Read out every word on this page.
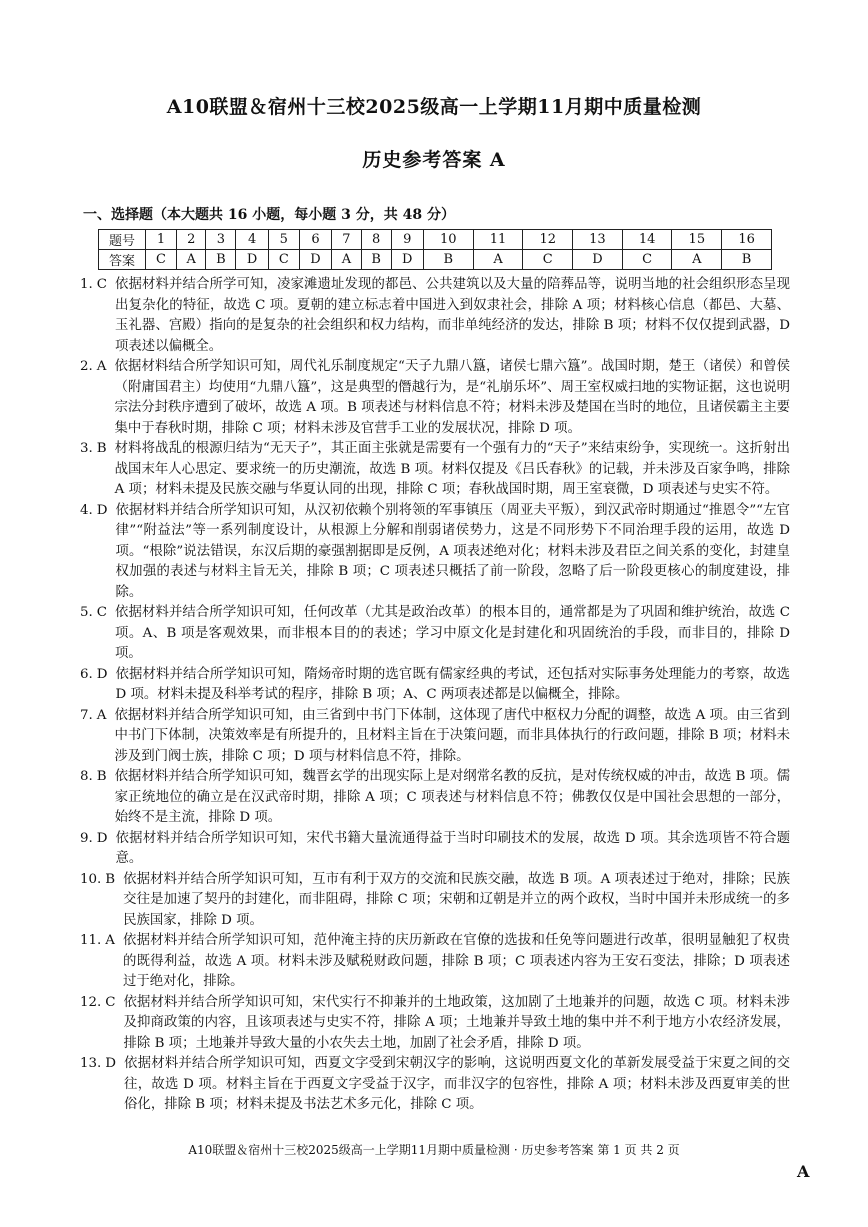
A10联盟＆宿州十三校2025级高一上学期11月期中质量检测
历史参考答案 A
一、选择题（本大题共 16 小题，每小题 3 分，共 48 分）
题号	1	2	3	4	5	6	7	8	9	10	11	12	13	14	15	16
答案	C	A	B	D	C	D	A	B	D	B	A	C	D	C	A	B
1. C 依据材料并结合所学可知，凌家滩遗址发现的都邑、公共建筑以及大量的陪葬品等，说明当地的社会组织形态呈现出复杂化的特征，故选 C 项。夏朝的建立标志着中国进入到奴隶社会，排除 A 项；材料核心信息（都邑、大墓、玉礼器、宫殿）指向的是复杂的社会组织和权力结构，而非单纯经济的发达，排除 B 项；材料不仅仅提到武器，D 项表述以偏概全。
2. A 依据材料结合所学知识可知，周代礼乐制度规定“天子九鼎八簋，诸侯七鼎六簋”。战国时期，楚王（诸侯）和曾侯（附庸国君主）均使用“九鼎八簋”，这是典型的僭越行为，是“礼崩乐坏”、周王室权威扫地的实物证据，这也说明宗法分封秩序遭到了破坏，故选 A 项。B 项表述与材料信息不符；材料未涉及楚国在当时的地位，且诸侯霸主主要集中于春秋时期，排除 C 项；材料未涉及官营手工业的发展状况，排除 D 项。
3. B 材料将战乱的根源归结为“无天子”，其正面主张就是需要有一个强有力的“天子”来结束纷争，实现统一。这折射出战国末年人心思定、要求统一的历史潮流，故选 B 项。材料仅提及《吕氏春秋》的记载，并未涉及百家争鸣，排除 A 项；材料未提及民族交融与华夏认同的出现，排除 C 项；春秋战国时期，周王室衰微，D 项表述与史实不符。
4. D 依据材料并结合所学知识可知，从汉初依赖个别将领的军事镇压（周亚夫平叛），到汉武帝时期通过“推恩令”“左官律”“附益法”等一系列制度设计，从根源上分解和削弱诸侯势力，这是不同形势下不同治理手段的运用，故选 D 项。“根除”说法错误，东汉后期的豪强割据即是反例，A 项表述绝对化；材料未涉及君臣之间关系的变化，封建皇权加强的表述与材料主旨无关，排除 B 项；C 项表述只概括了前一阶段，忽略了后一阶段更核心的制度建设，排除。
5. C 依据材料并结合所学知识可知，任何改革（尤其是政治改革）的根本目的，通常都是为了巩固和维护统治，故选 C 项。A、B 项是客观效果，而非根本目的的表述；学习中原文化是封建化和巩固统治的手段，而非目的，排除 D 项。
6. D 依据材料并结合所学知识可知，隋炀帝时期的选官既有儒家经典的考试，还包括对实际事务处理能力的考察，故选 D 项。材料未提及科举考试的程序，排除 B 项；A、C 两项表述都是以偏概全，排除。
7. A 依据材料并结合所学知识可知，由三省到中书门下体制，这体现了唐代中枢权力分配的调整，故选 A 项。由三省到中书门下体制，决策效率是有所提升的，且材料主旨在于决策问题，而非具体执行的行政问题，排除 B 项；材料未涉及到门阀士族，排除 C 项；D 项与材料信息不符，排除。
8. B 依据材料并结合所学知识可知，魏晋玄学的出现实际上是对纲常名教的反抗，是对传统权威的冲击，故选 B 项。儒家正统地位的确立是在汉武帝时期，排除 A 项；C 项表述与材料信息不符；佛教仅仅是中国社会思想的一部分，始终不是主流，排除 D 项。
9. D 依据材料并结合所学知识可知，宋代书籍大量流通得益于当时印刷技术的发展，故选 D 项。其余选项皆不符合题意。
10. B 依据材料并结合所学知识可知，互市有利于双方的交流和民族交融，故选 B 项。A 项表述过于绝对，排除；民族交往是加速了契丹的封建化，而非阻碍，排除 C 项；宋朝和辽朝是并立的两个政权，当时中国并未形成统一的多民族国家，排除 D 项。
11. A 依据材料并结合所学知识可知，范仲淹主持的庆历新政在官僚的选拔和任免等问题进行改革，很明显触犯了权贵的既得利益，故选 A 项。材料未涉及赋税财政问题，排除 B 项；C 项表述内容为王安石变法，排除；D 项表述过于绝对化，排除。
12. C 依据材料并结合所学知识可知，宋代实行不抑兼并的土地政策，这加剧了土地兼并的问题，故选 C 项。材料未涉及抑商政策的内容，且该项表述与史实不符，排除 A 项；土地兼并导致土地的集中并不利于地方小农经济发展，排除 B 项；土地兼并导致大量的小农失去土地，加剧了社会矛盾，排除 D 项。
13. D 依据材料并结合所学知识可知，西夏文字受到宋朝汉字的影响，这说明西夏文化的革新发展受益于宋夏之间的交往，故选 D 项。材料主旨在于西夏文字受益于汉字，而非汉字的包容性，排除 A 项；材料未涉及西夏审美的世俗化，排除 B 项；材料未提及书法艺术多元化，排除 C 项。
A10联盟＆宿州十三校2025级高一上学期11月期中质量检测 · 历史参考答案 第 1 页 共 2 页
A
